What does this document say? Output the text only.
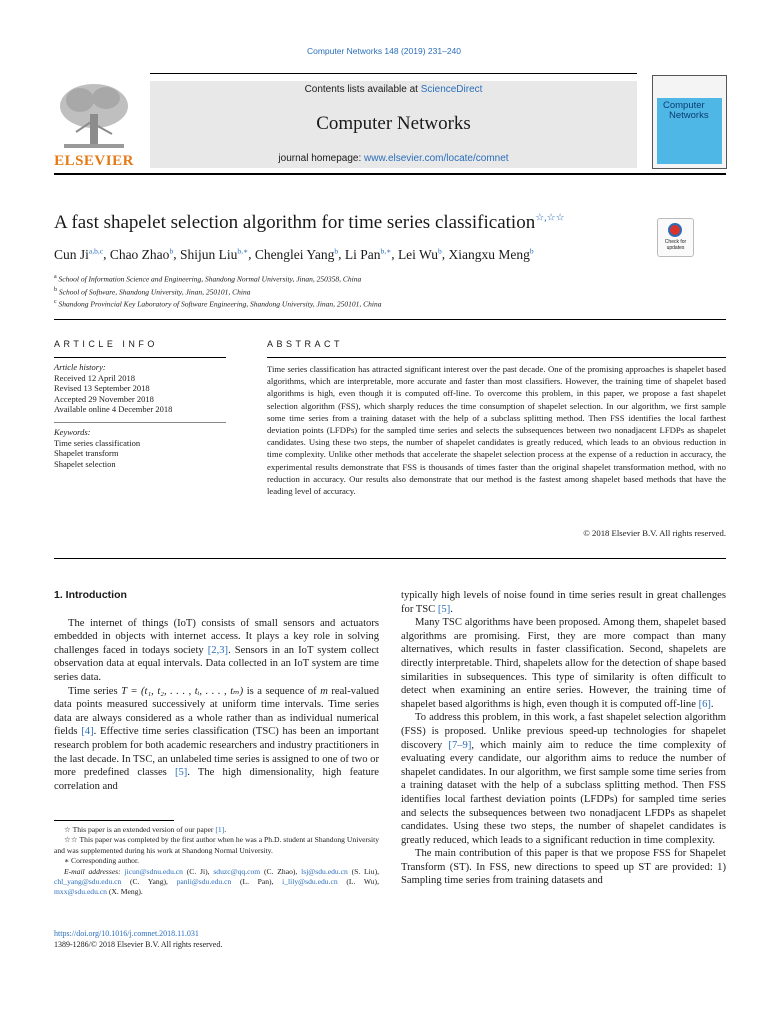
Computer Networks 148 (2019) 231–240
ELSEVIER
Contents lists available at ScienceDirect
Computer Networks
journal homepage: www.elsevier.com/locate/comnet
Computer
Networks
A fast shapelet selection algorithm for time series classification☆,☆☆
Check for
updates
Cun Ji$^{a,b,c}$, Chao Zhao$^b$, Shijun Liu$^{b,∗}$, Chenglei Yang$^b$, Li Pan$^{b,∗}$, Lei Wu$^b$, Xiangxu Meng$^b$
$^a$ School of Information Science and Engineering, Shandong Normal University, Jinan, 250358, China
$^b$ School of Software, Shandong University, Jinan, 250101, China
$^c$ Shandong Provincial Key Laboratory of Software Engineering, Shandong University, Jinan, 250101, China
ARTICLE INFO
Article history:
Received 12 April 2018
Revised 13 September 2018
Accepted 29 November 2018
Available online 4 December 2018
Keywords:
Time series classification
Shapelet transform
Shapelet selection
ABSTRACT
Time series classification has attracted significant interest over the past decade. One of the promising approaches is shapelet based algorithms, which are interpretable, more accurate and faster than most classifiers. However, the training time of shapelet based algorithms is high, even though it is computed off-line. To overcome this problem, in this paper, we propose a fast shapelet selection algorithm (FSS), which sharply reduces the time consumption of shapelet selection. In our algorithm, we first sample some time series from a training dataset with the help of a subclass splitting method. Then FSS identifies the local farthest deviation points (LFDPs) for the sampled time series and selects the subsequences between two nonadjacent LFDPs as shapelet candidates. Using these two steps, the number of shapelet candidates is greatly reduced, which leads to an obvious reduction in time complexity. Unlike other methods that accelerate the shapelet selection process at the expense of a reduction in accuracy, the experimental results demonstrate that FSS is thousands of times faster than the original shapelet transformation method, with no reduction in accuracy. Our results also demonstrate that our method is the fastest among shapelet based methods that have the leading level of accuracy.
© 2018 Elsevier B.V. All rights reserved.
1. Introduction

The internet of things (IoT) consists of small sensors and actuators embedded in objects with internet access. It plays a key role in solving challenges faced in todays society [2,3]. Sensors in an IoT system collect observation data at equal intervals. Data collected in an IoT system are time series data.

Time series T = (t₁, t₂, . . . , tᵢ, . . . , tₘ) is a sequence of m real-valued data points measured successively at uniform time intervals. Time series data are always considered as a whole rather than as individual numerical fields [4]. Effective time series classification (TSC) has been an important research problem for both academic researchers and industry practitioners in the last decade. In TSC, an unlabeled time series is assigned to one of two or more predefined classes [5]. The high dimensionality, high feature correlation and

typically high levels of noise found in time series result in great challenges for TSC [5].

Many TSC algorithms have been proposed. Among them, shapelet based algorithms are promising. First, they are more compact than many alternatives, which results in faster classification. Second, shapelets are directly interpretable. Third, shapelets allow for the detection of shape based similarities in subsequences. This type of similarity is often difficult to detect when examining an entire series. However, the training time of shapelet based algorithms is high, even though it is computed off-line [6].

To address this problem, in this work, a fast shapelet selection algorithm (FSS) is proposed. Unlike previous speed-up technologies for shapelet discovery [7–9], which mainly aim to reduce the time complexity of evaluating every candidate, our algorithm aims to reduce the number of shapelet candidates. In our algorithm, we first sample some time series from a training dataset with the help of a subclass splitting method. Then FSS identifies local farthest deviation points (LFDPs) for sampled time series and selects the subsequences between two nonadjacent LFDPs as shapelet candidates. Using these two steps, the number of shapelet candidates is greatly reduced, which leads to a significant reduction in time complexity.

The main contribution of this paper is that we propose FSS for Shapelet Transform (ST). In FSS, new directions to speed up ST are provided: 1) Sampling time series from training datasets and

☆ This paper is an extended version of our paper [1].

☆☆ This paper was completed by the first author when he was a Ph.D. student at Shandong University and was supplemented during his work at Shandong Normal University.

∗ Corresponding author.

E-mail addresses: jicun@sdnu.edu.cn (C. Ji), sduzc@qq.com (C. Zhao), lsj@sdu.edu.cn (S. Liu), chl_yang@sdu.edu.cn (C. Yang), panli@sdu.edu.cn (L. Pan), i_lily@sdu.edu.cn (L. Wu), mxx@sdu.edu.cn (X. Meng).

https://doi.org/10.1016/j.comnet.2018.11.031
1389-1286/© 2018 Elsevier B.V. All rights reserved.
